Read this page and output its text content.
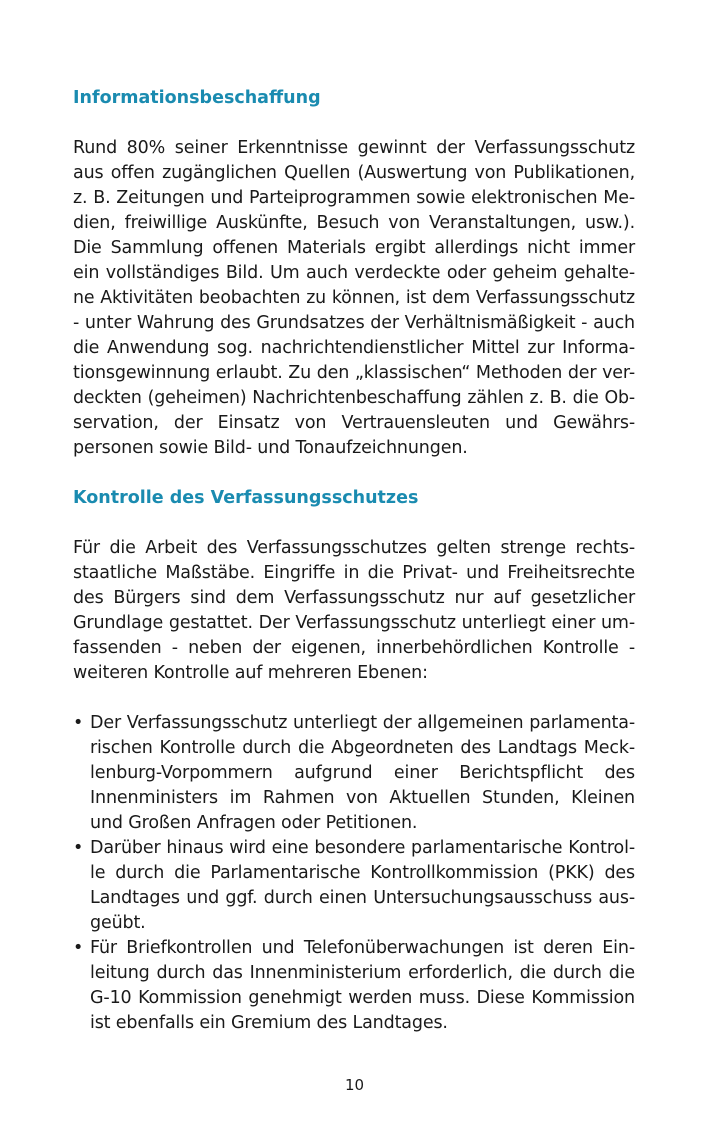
Informationsbeschaffung

Rund 80% seiner Erkenntnisse gewinnt der Verfassungsschutz
aus offen zugänglichen Quellen (Auswertung von Publikationen,
z. B. Zeitungen und Parteiprogrammen sowie elektronischen Me-
dien, freiwillige Auskünfte, Besuch von Veranstaltungen, usw.).
Die Sammlung offenen Materials ergibt allerdings nicht immer
ein vollständiges Bild. Um auch verdeckte oder geheim gehalte-
ne Aktivitäten beobachten zu können, ist dem Verfassungsschutz
- unter Wahrung des Grundsatzes der Verhältnismäßigkeit - auch
die Anwendung sog. nachrichtendienstlicher Mittel zur Informa-
tionsgewinnung erlaubt. Zu den „klassischen“ Methoden der ver-
deckten (geheimen) Nachrichtenbeschaffung zählen z. B. die Ob-
servation, der Einsatz von Vertrauensleuten und Gewährs-
personen sowie Bild- und Tonaufzeichnungen.

Kontrolle des Verfassungsschutzes

Für die Arbeit des Verfassungsschutzes gelten strenge rechts-
staatliche Maßstäbe. Eingriffe in die Privat- und Freiheitsrechte
des Bürgers sind dem Verfassungsschutz nur auf gesetzlicher
Grundlage gestattet. Der Verfassungsschutz unterliegt einer um-
fassenden - neben der eigenen, innerbehördlichen Kontrolle -
weiteren Kontrolle auf mehreren Ebenen:

• Der Verfassungsschutz unterliegt der allgemeinen parlamenta-
rischen Kontrolle durch die Abgeordneten des Landtags Meck-
lenburg-Vorpommern aufgrund einer Berichtspflicht des
Innenministers im Rahmen von Aktuellen Stunden, Kleinen
und Großen Anfragen oder Petitionen.
• Darüber hinaus wird eine besondere parlamentarische Kontrol-
le durch die Parlamentarische Kontrollkommission (PKK) des
Landtages und ggf. durch einen Untersuchungsausschuss aus-
geübt.
• Für Briefkontrollen und Telefonüberwachungen ist deren Ein-
leitung durch das Innenministerium erforderlich, die durch die
G-10 Kommission genehmigt werden muss. Diese Kommission
ist ebenfalls ein Gremium des Landtages.
10
